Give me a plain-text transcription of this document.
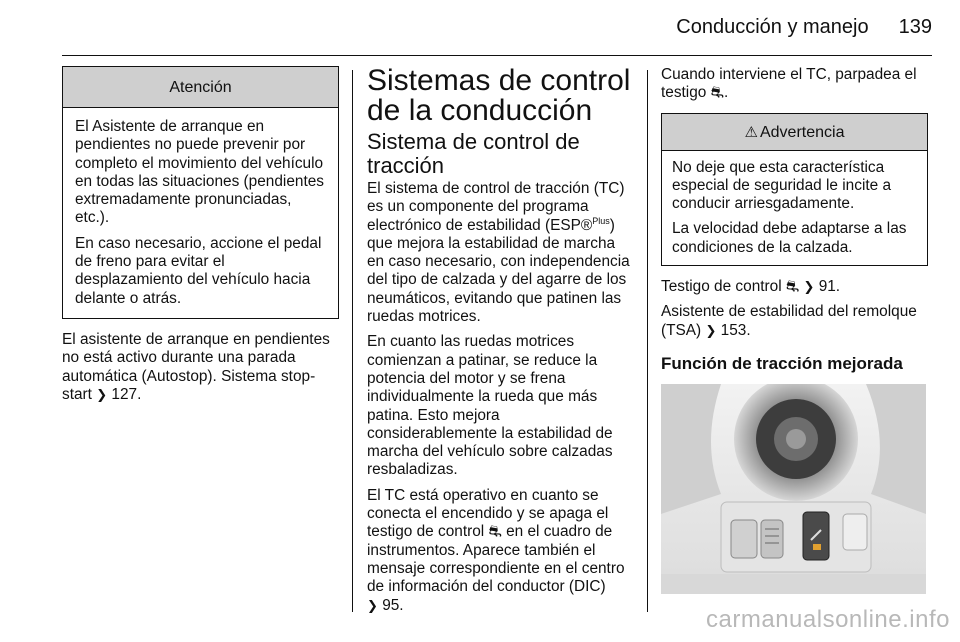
Conducción y manejo 139
Atención

El Asistente de arranque en pendientes no puede prevenir por completo el movimiento del vehículo en todas las situaciones (pendientes extremadamente pronunciadas, etc.).

En caso necesario, accione el pedal de freno para evitar el desplazamiento del vehículo hacia delante o atrás.

El asistente de arranque en pendientes no está activo durante una parada automática (Autostop). Sistema stop-start ❯ 127.

Sistemas de control de la conducción
Sistema de control de tracción

El sistema de control de tracción (TC) es un componente del programa electrónico de estabilidad (ESP®$^{Plus}$) que mejora la estabilidad de marcha en caso necesario, con independencia del tipo de calzada y del agarre de los neumáticos, evitando que patinen las ruedas motrices.

En cuanto las ruedas motrices comienzan a patinar, se reduce la potencia del motor y se frena individualmente la rueda que más patina. Esto mejora considerablemente la estabilidad de marcha del vehículo sobre calzadas resbaladizas.

El TC está operativo en cuanto se conecta el encendido y se apaga el testigo de control ⛐ en el cuadro de instrumentos. Aparece también el mensaje correspondiente en el centro de información del conductor (DIC)
❯ 95.

Cuando interviene el TC, parpadea el testigo ⛐.

⚠ Advertencia

No deje que esta característica especial de seguridad le incite a conducir arriesgadamente.

La velocidad debe adaptarse a las condiciones de la calzada.

Testigo de control ⛐ ❯ 91.

Asistente de estabilidad del remolque (TSA) ❯ 153.

Función de tracción mejorada
carmanualsonline.info
